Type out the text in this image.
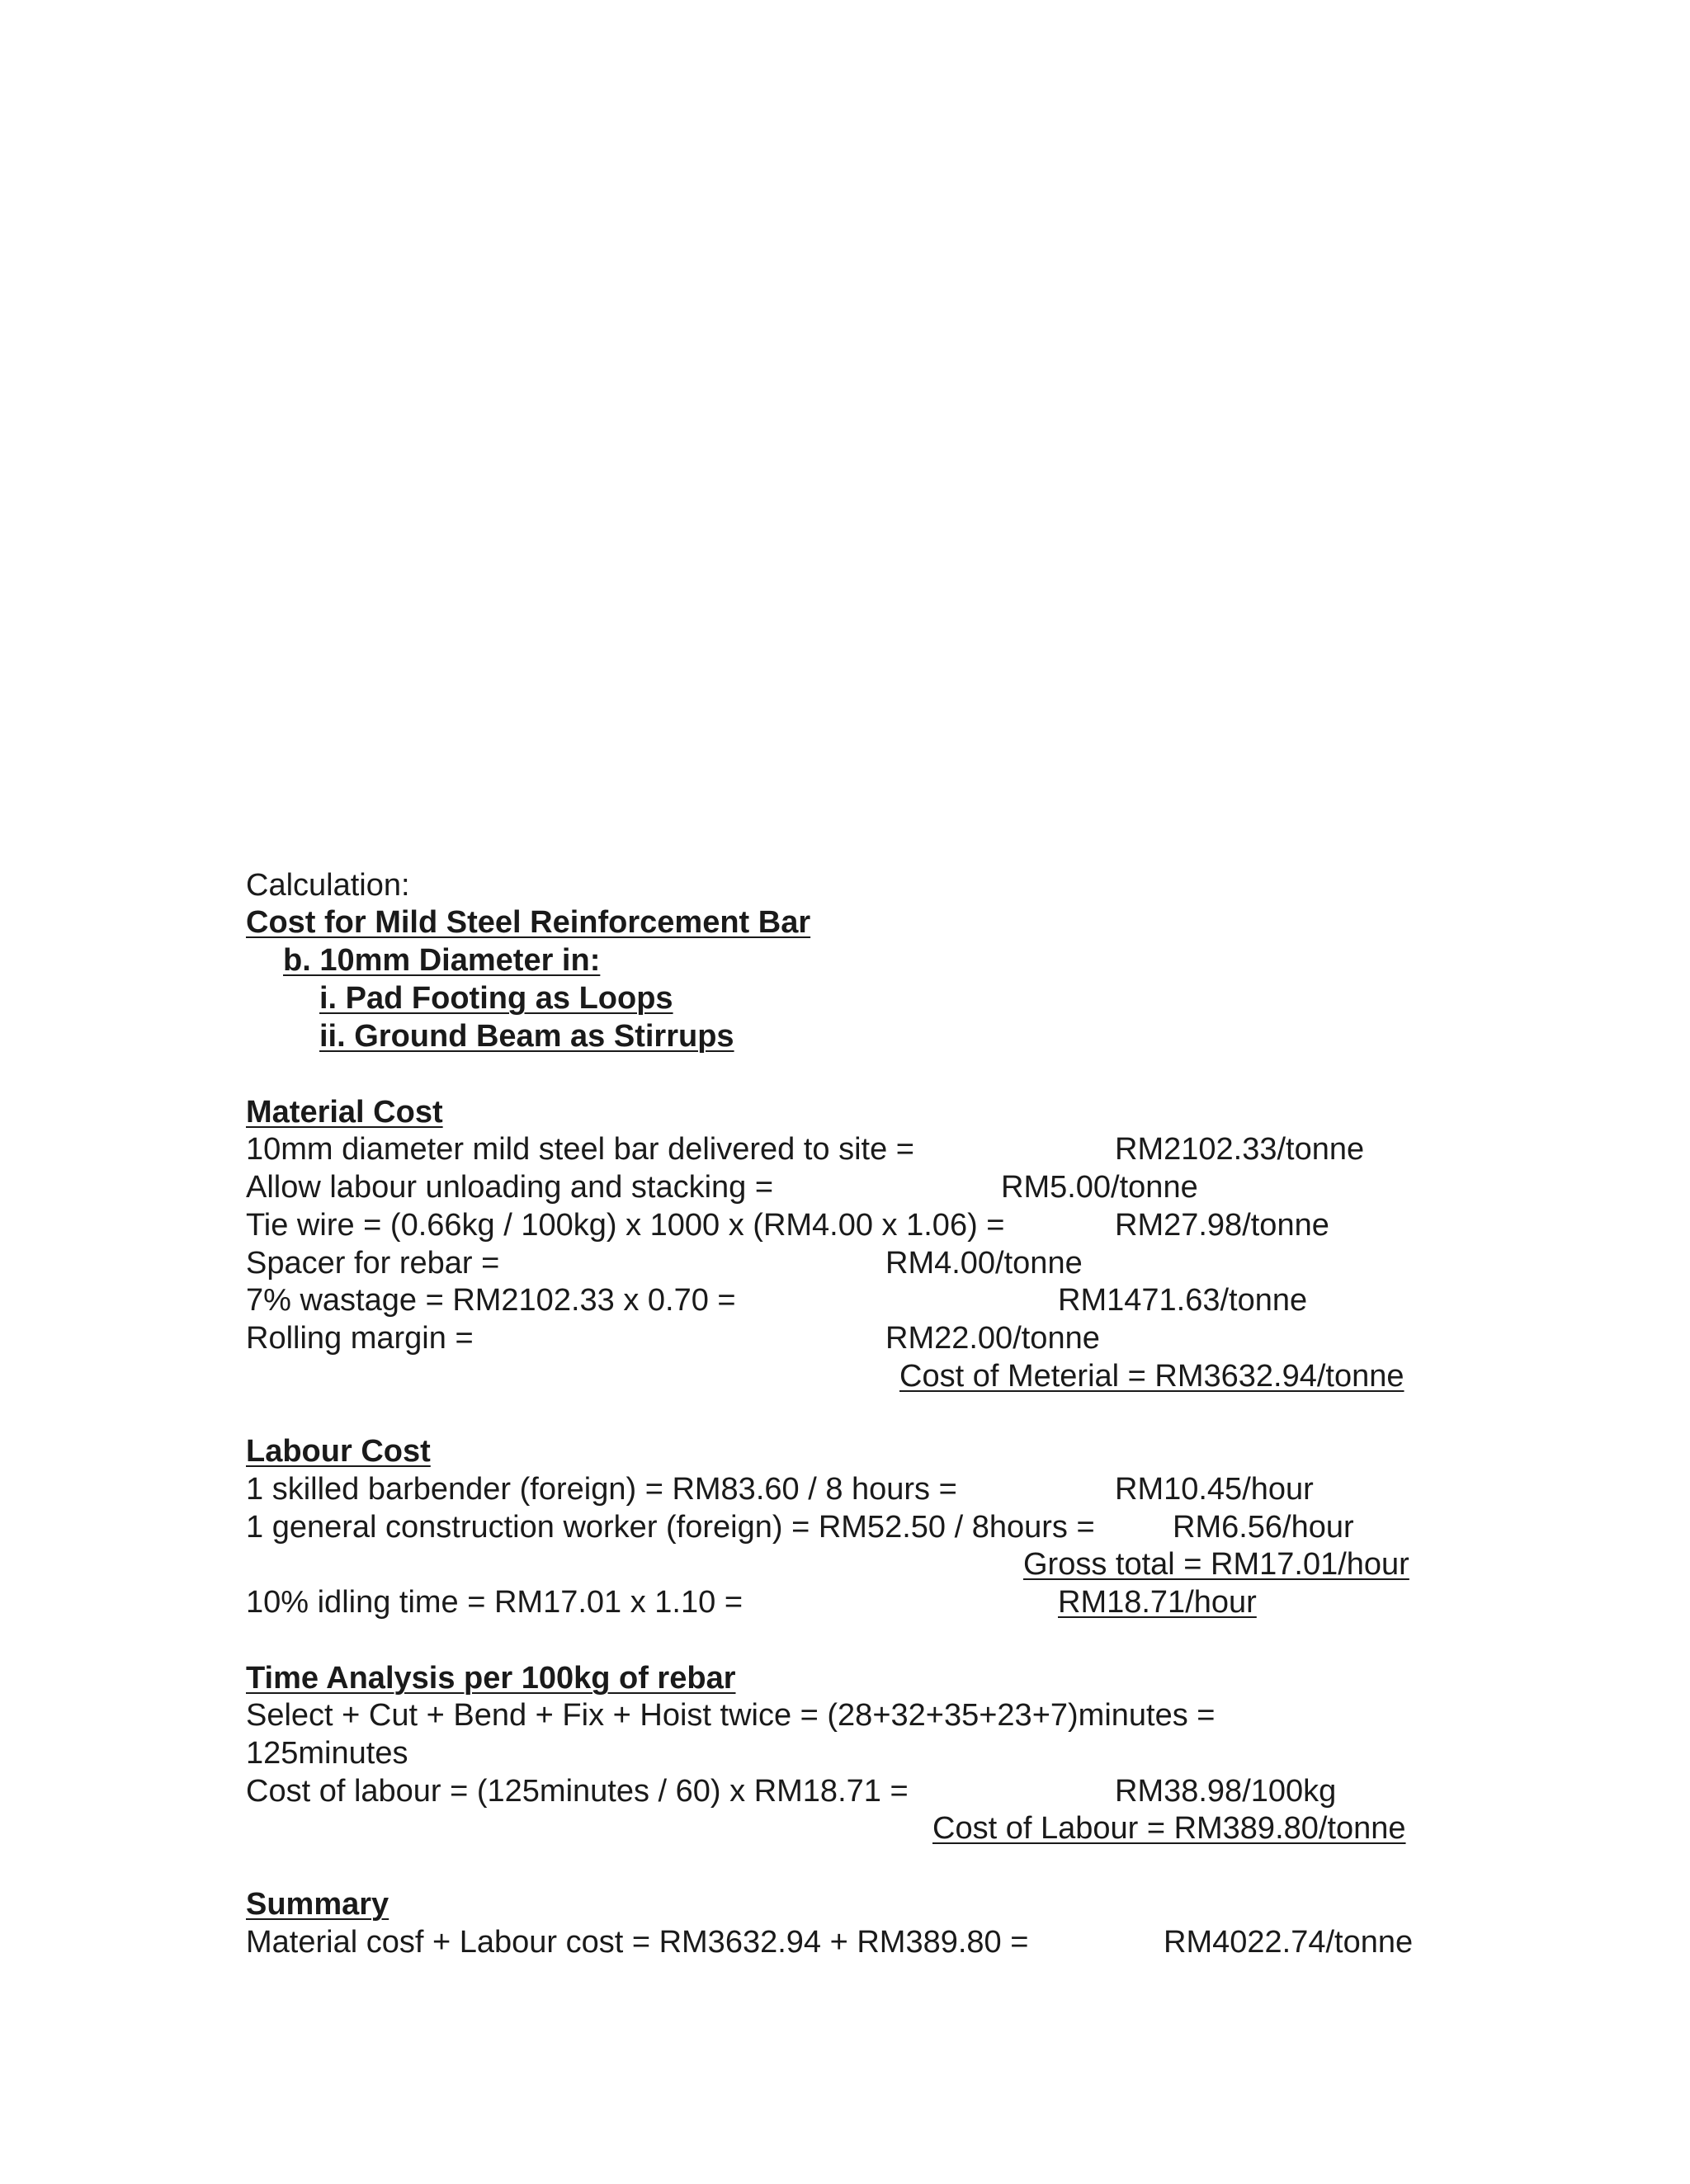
Calculation:
Cost for Mild Steel Reinforcement Bar
b. 10mm Diameter in:
i. Pad Footing as Loops
ii. Ground Beam as Stirrups
Material Cost
10mm diameter mild steel bar delivered to site =	RM2102.33/tonne
Allow labour unloading and stacking =	RM5.00/tonne
Tie wire = (0.66kg / 100kg) x 1000 x (RM4.00 x 1.06) =	RM27.98/tonne
Spacer for rebar =	RM4.00/tonne
7% wastage = RM2102.33 x 0.70 =	RM1471.63/tonne
Rolling margin =	RM22.00/tonne
Cost of Meterial = RM3632.94/tonne
Labour Cost
1 skilled barbender (foreign) = RM83.60 / 8 hours =	RM10.45/hour
1 general construction worker (foreign) = RM52.50 / 8hours = RM6.56/hour
Gross total = RM17.01/hour
10% idling time = RM17.01 x 1.10 =	RM18.71/hour
Time Analysis per 100kg of rebar
Select + Cut + Bend + Fix + Hoist twice = (28+32+35+23+7)minutes =
125minutes
Cost of labour = (125minutes / 60) x RM18.71 =	RM38.98/100kg
Cost of Labour = RM389.80/tonne
Summary
Material cosf + Labour cost = RM3632.94 + RM389.80 =	RM4022.74/tonne
